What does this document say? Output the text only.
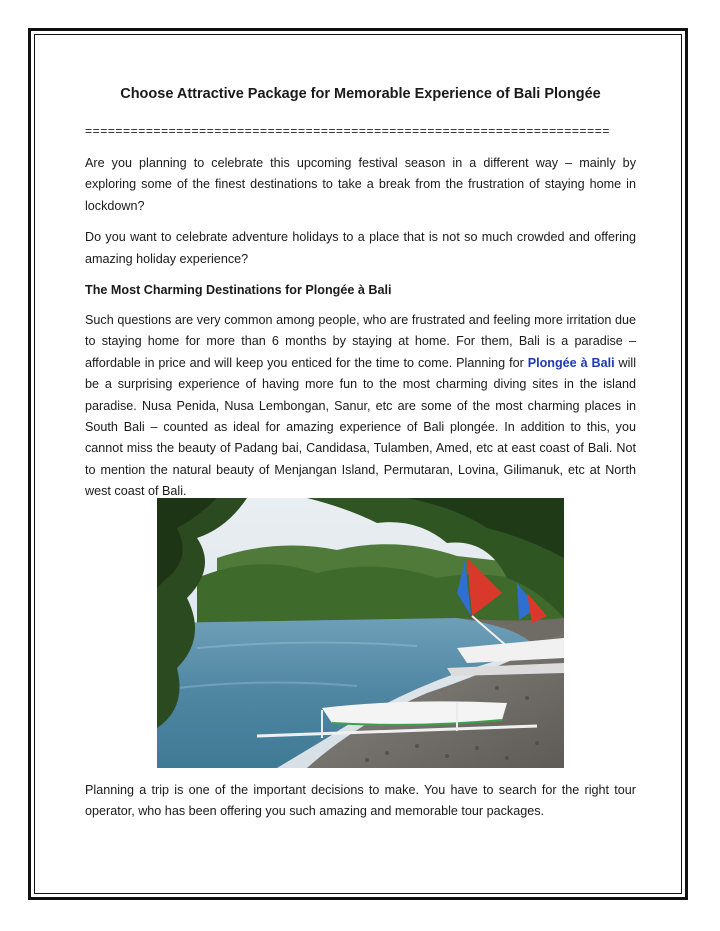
Choose Attractive Package for Memorable Experience of Bali Plongée
=====================================================================

Are you planning to celebrate this upcoming festival season in a different way – mainly by exploring some of the finest destinations to take a break from the frustration of staying home in lockdown?

Do you want to celebrate adventure holidays to a place that is not so much crowded and offering amazing holiday experience?

The Most Charming Destinations for Plongée à Bali

Such questions are very common among people, who are frustrated and feeling more irritation due to staying home for more than 6 months by staying at home. For them, Bali is a paradise – affordable in price and will keep you enticed for the time to come. Planning for Plongée à Bali will be a surprising experience of having more fun to the most charming diving sites in the island paradise. Nusa Penida, Nusa Lembongan, Sanur, etc are some of the most charming places in South Bali – counted as ideal for amazing experience of Bali plongée. In addition to this, you cannot miss the beauty of Padang bai, Candidasa, Tulamben, Amed, etc at east coast of Bali. Not to mention the natural beauty of Menjangan Island, Permutaran, Lovina, Gilimanuk, etc at North west coast of Bali.

Planning a trip is one of the important decisions to make. You have to search for the right tour operator, who has been offering you such amazing and memorable tour packages.
